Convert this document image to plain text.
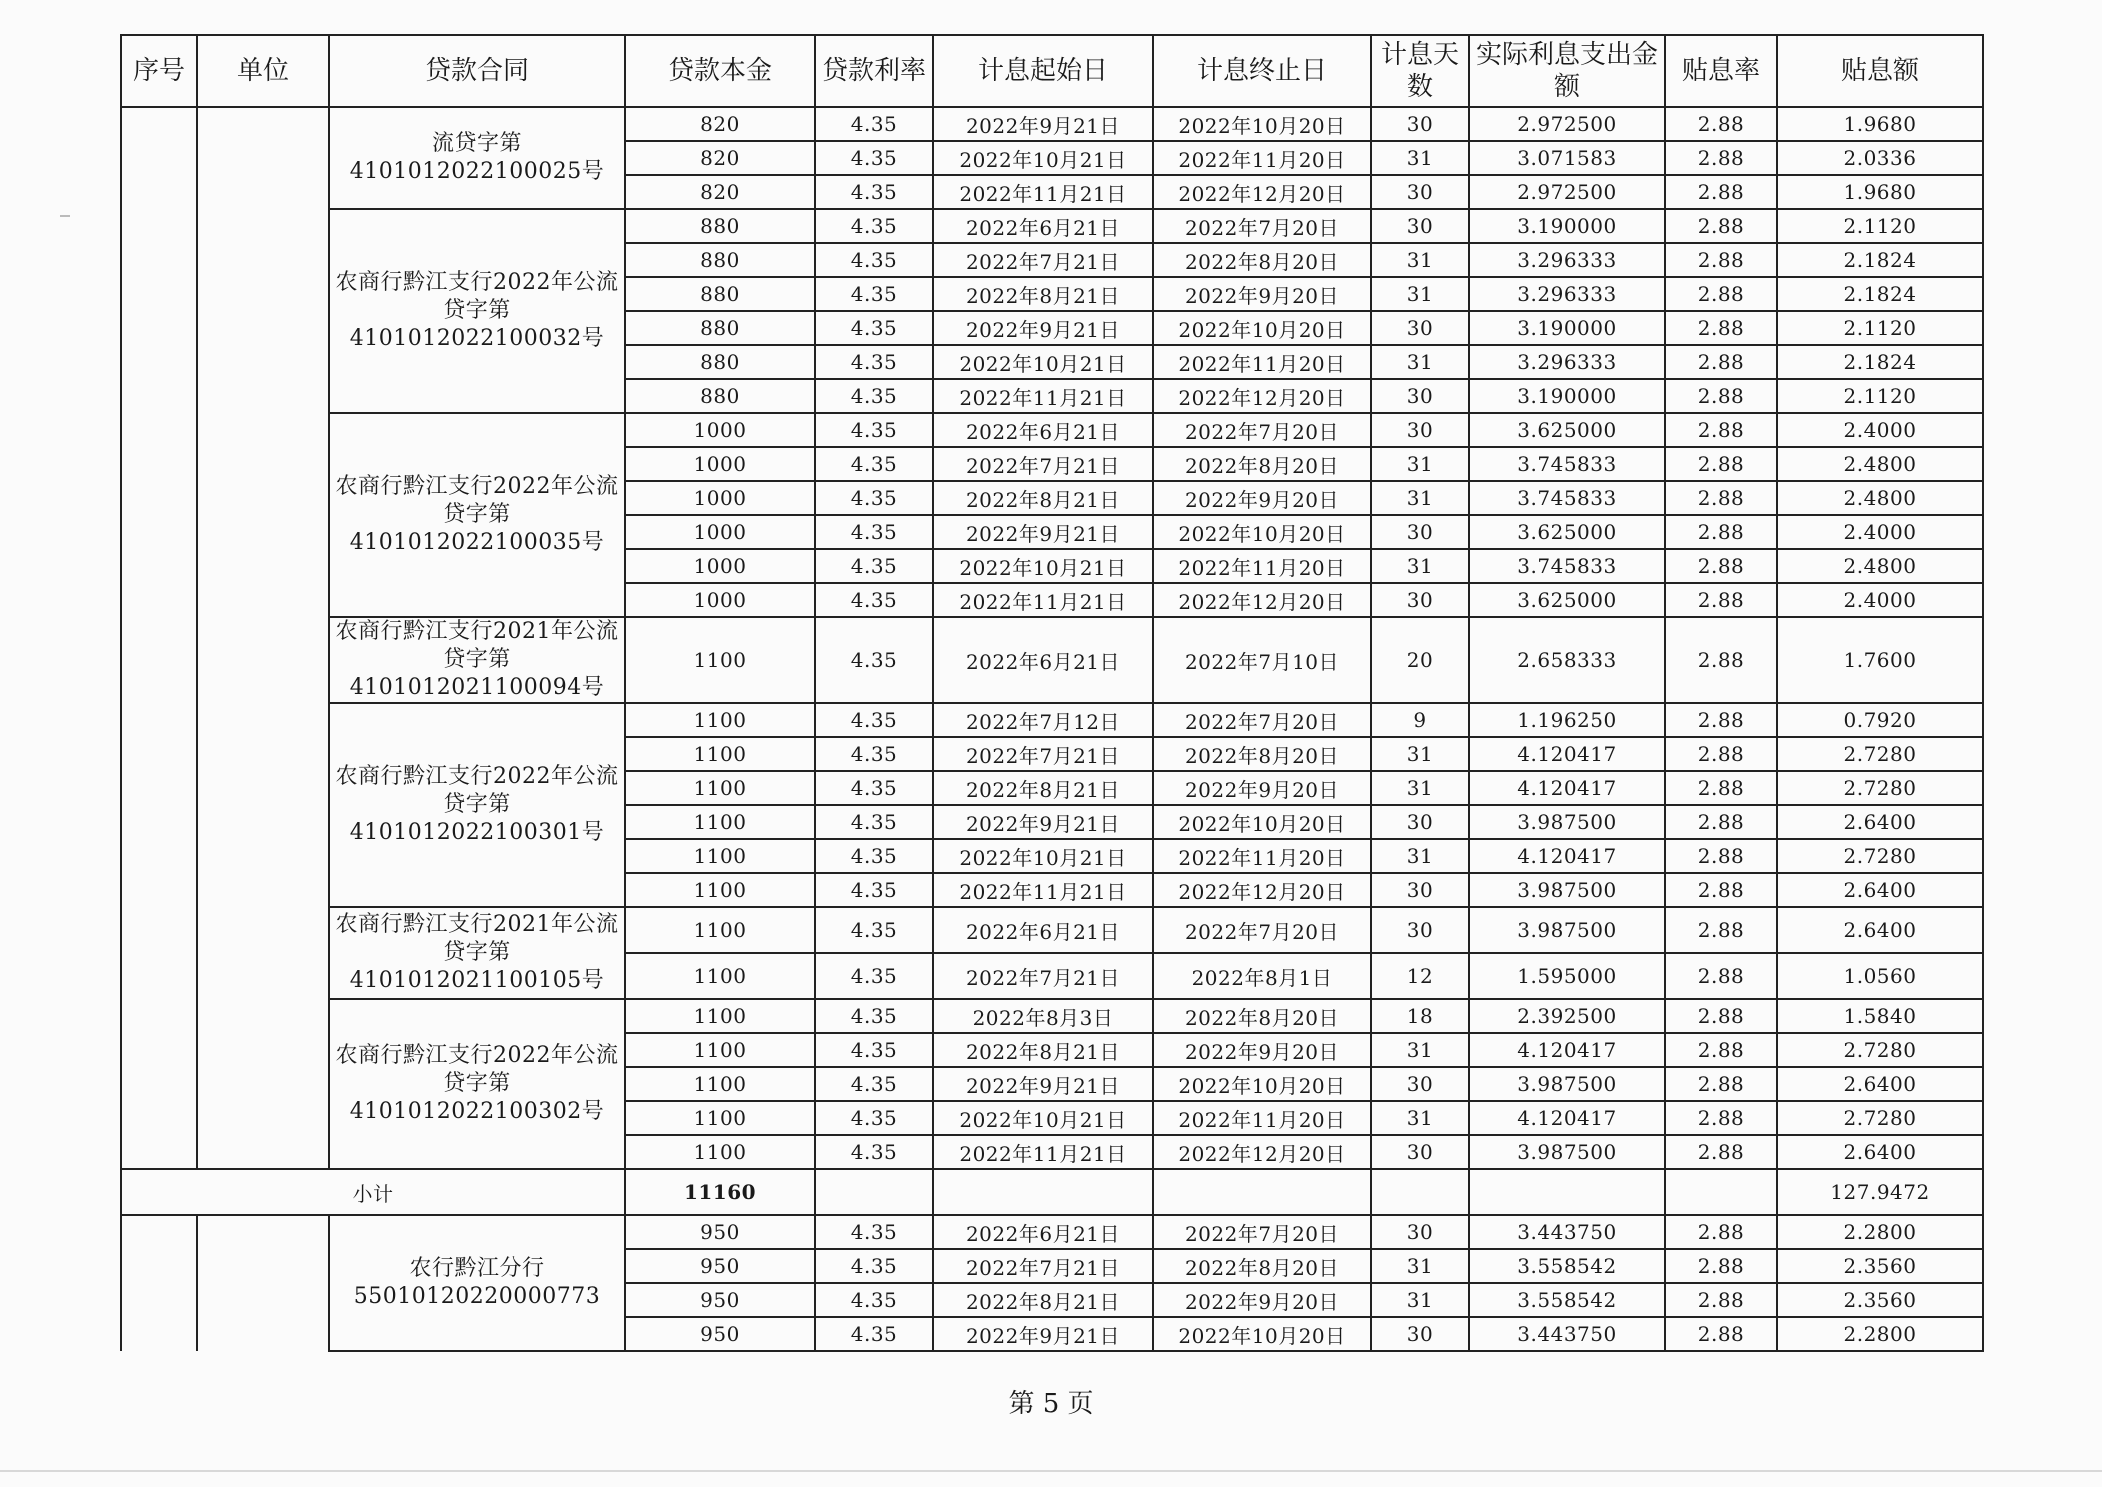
序号	单位	贷款合同	贷款本金	贷款利率	计息起始日	计息终止日	计息天数	实际利息支出金额	贴息率	贴息额
		流贷字第 4101012022100025号	820	4.35	2022年9月21日	2022年10月20日	30	2.972500	2.88	1.9680
			820	4.35	2022年10月21日	2022年11月20日	31	3.071583	2.88	2.0336
			820	4.35	2022年11月21日	2022年12月20日	30	2.972500	2.88	1.9680
		农商行黔江支行2022年公流贷字第4101012022100032号	880	4.35	2022年6月21日	2022年7月20日	30	3.190000	2.88	2.1120
			880	4.35	2022年7月21日	2022年8月20日	31	3.296333	2.88	2.1824
			880	4.35	2022年8月21日	2022年9月20日	31	3.296333	2.88	2.1824
			880	4.35	2022年9月21日	2022年10月20日	30	3.190000	2.88	2.1120
			880	4.35	2022年10月21日	2022年11月20日	31	3.296333	2.88	2.1824
			880	4.35	2022年11月21日	2022年12月20日	30	3.190000	2.88	2.1120
		农商行黔江支行2022年公流贷字第4101012022100035号	1000	4.35	2022年6月21日	2022年7月20日	30	3.625000	2.88	2.4000
			1000	4.35	2022年7月21日	2022年8月20日	31	3.745833	2.88	2.4800
			1000	4.35	2022年8月21日	2022年9月20日	31	3.745833	2.88	2.4800
			1000	4.35	2022年9月21日	2022年10月20日	30	3.625000	2.88	2.4000
			1000	4.35	2022年10月21日	2022年11月20日	31	3.745833	2.88	2.4800
			1000	4.35	2022年11月21日	2022年12月20日	30	3.625000	2.88	2.4000
		农商行黔江支行2021年公流贷字第4101012021100094号	1100	4.35	2022年6月21日	2022年7月10日	20	2.658333	2.88	1.7600
		农商行黔江支行2022年公流贷字第4101012022100301号	1100	4.35	2022年7月12日	2022年7月20日	9	1.196250	2.88	0.7920
			1100	4.35	2022年7月21日	2022年8月20日	31	4.120417	2.88	2.7280
			1100	4.35	2022年8月21日	2022年9月20日	31	4.120417	2.88	2.7280
			1100	4.35	2022年9月21日	2022年10月20日	30	3.987500	2.88	2.6400
			1100	4.35	2022年10月21日	2022年11月20日	31	4.120417	2.88	2.7280
			1100	4.35	2022年11月21日	2022年12月20日	30	3.987500	2.88	2.6400
		农商行黔江支行2021年公流贷字第4101012021100105号	1100	4.35	2022年6月21日	2022年7月20日	30	3.987500	2.88	2.6400
			1100	4.35	2022年7月21日	2022年8月1日	12	1.595000	2.88	1.0560
		农商行黔江支行2022年公流贷字第4101012022100302号	1100	4.35	2022年8月3日	2022年8月20日	18	2.392500	2.88	1.5840
			1100	4.35	2022年8月21日	2022年9月20日	31	4.120417	2.88	2.7280
			1100	4.35	2022年9月21日	2022年10月20日	30	3.987500	2.88	2.6400
			1100	4.35	2022年10月21日	2022年11月20日	31	4.120417	2.88	2.7280
			1100	4.35	2022年11月21日	2022年12月20日	30	3.987500	2.88	2.6400
小计			11160							127.9472
		农行黔江分行 55010120220000773	950	4.35	2022年6月21日	2022年7月20日	30	3.443750	2.88	2.2800
			950	4.35	2022年7月21日	2022年8月20日	31	3.558542	2.88	2.3560
			950	4.35	2022年8月21日	2022年9月20日	31	3.558542	2.88	2.3560
			950	4.35	2022年9月21日	2022年10月20日	30	3.443750	2.88	2.2800
第 5 页
